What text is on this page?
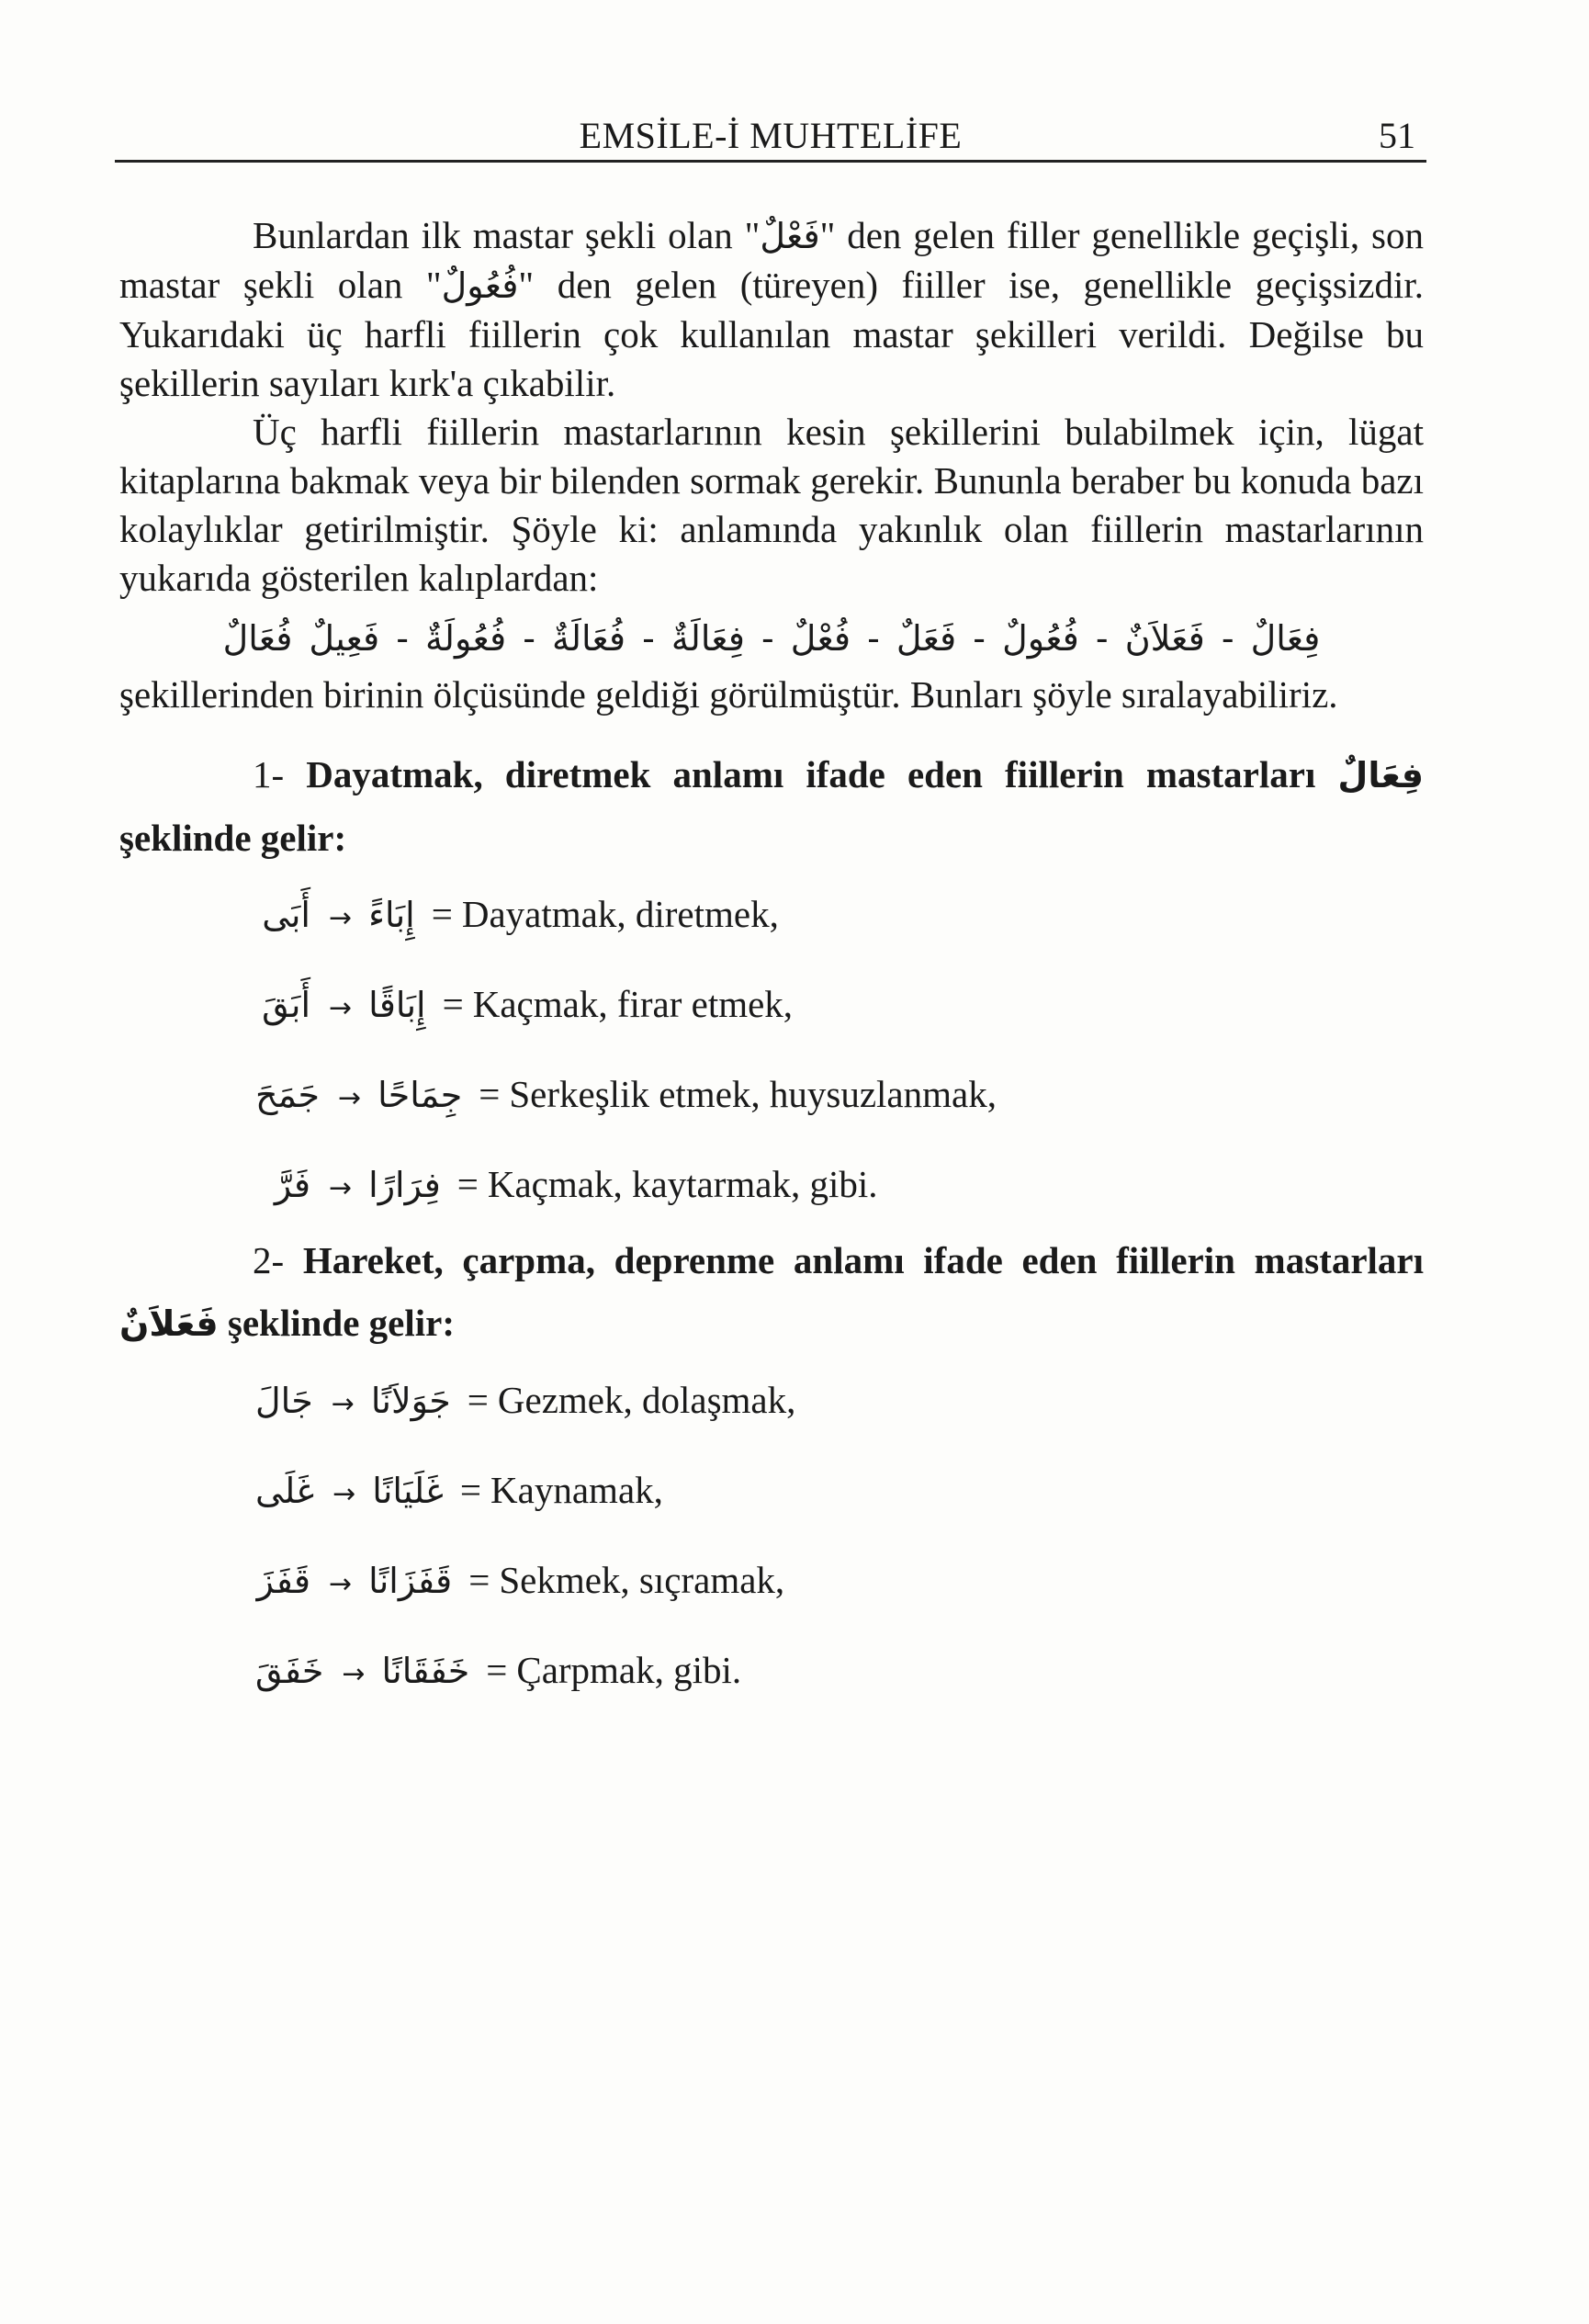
EMSİLE-İ MUHTELİFE	51

Bunlardan ilk mastar şekli olan "فَعْلٌ" den gelen filler genellikle geçişli, son mastar şekli olan "فُعُولٌ" den gelen (türeyen) fiiller ise, genellikle geçişsizdir. Yukarıdaki üç harfli fiillerin çok kullanılan mastar şekilleri verildi. Değilse bu şekillerin sayıları kırk'a çıkabilir.

Üç harfli fiillerin mastarlarının kesin şekillerini bulabilmek için, lügat kitaplarına bakmak veya bir bilenden sormak gerekir. Bununla beraber bu konuda bazı kolaylıklar getirilmiştir. Şöyle ki: anlamında yakınlık olan fiillerin mastarlarının yukarıda gösterilen kalıplardan:

فِعَالٌ - فَعَلاَنٌ - فُعُولٌ - فَعَلٌ - فُعْلٌ - فِعَالَةٌ - فُعَالَةٌ - فُعُولَةٌ - فَعِيلٌ فُعَالٌ

şekillerinden birinin ölçüsünde geldiği görülmüştür. Bunları şöyle sıralayabiliriz.

1- Dayatmak, diretmek anlamı ifade eden fiillerin mastarları فِعَالٌ şeklinde gelir:

أَبَى → إِبَاءً = Dayatmak, diretmek,
أَبَقَ → إِبَاقًا = Kaçmak, firar etmek,
جَمَحَ → جِمَاحًا = Serkeşlik etmek, huysuzlanmak,
فَرَّ → فِرَارًا = Kaçmak, kaytarmak, gibi.

2- Hareket, çarpma, deprenme anlamı ifade eden fiillerin mastarları فَعَلاَنٌ şeklinde gelir:

جَالَ → جَوَلاَنًا = Gezmek, dolaşmak,
غَلَى → غَلَيَانًا = Kaynamak,
قَفَزَ → قَفَزَانًا = Sekmek, sıçramak,
خَفَقَ → خَفَقَانًا = Çarpmak, gibi.
